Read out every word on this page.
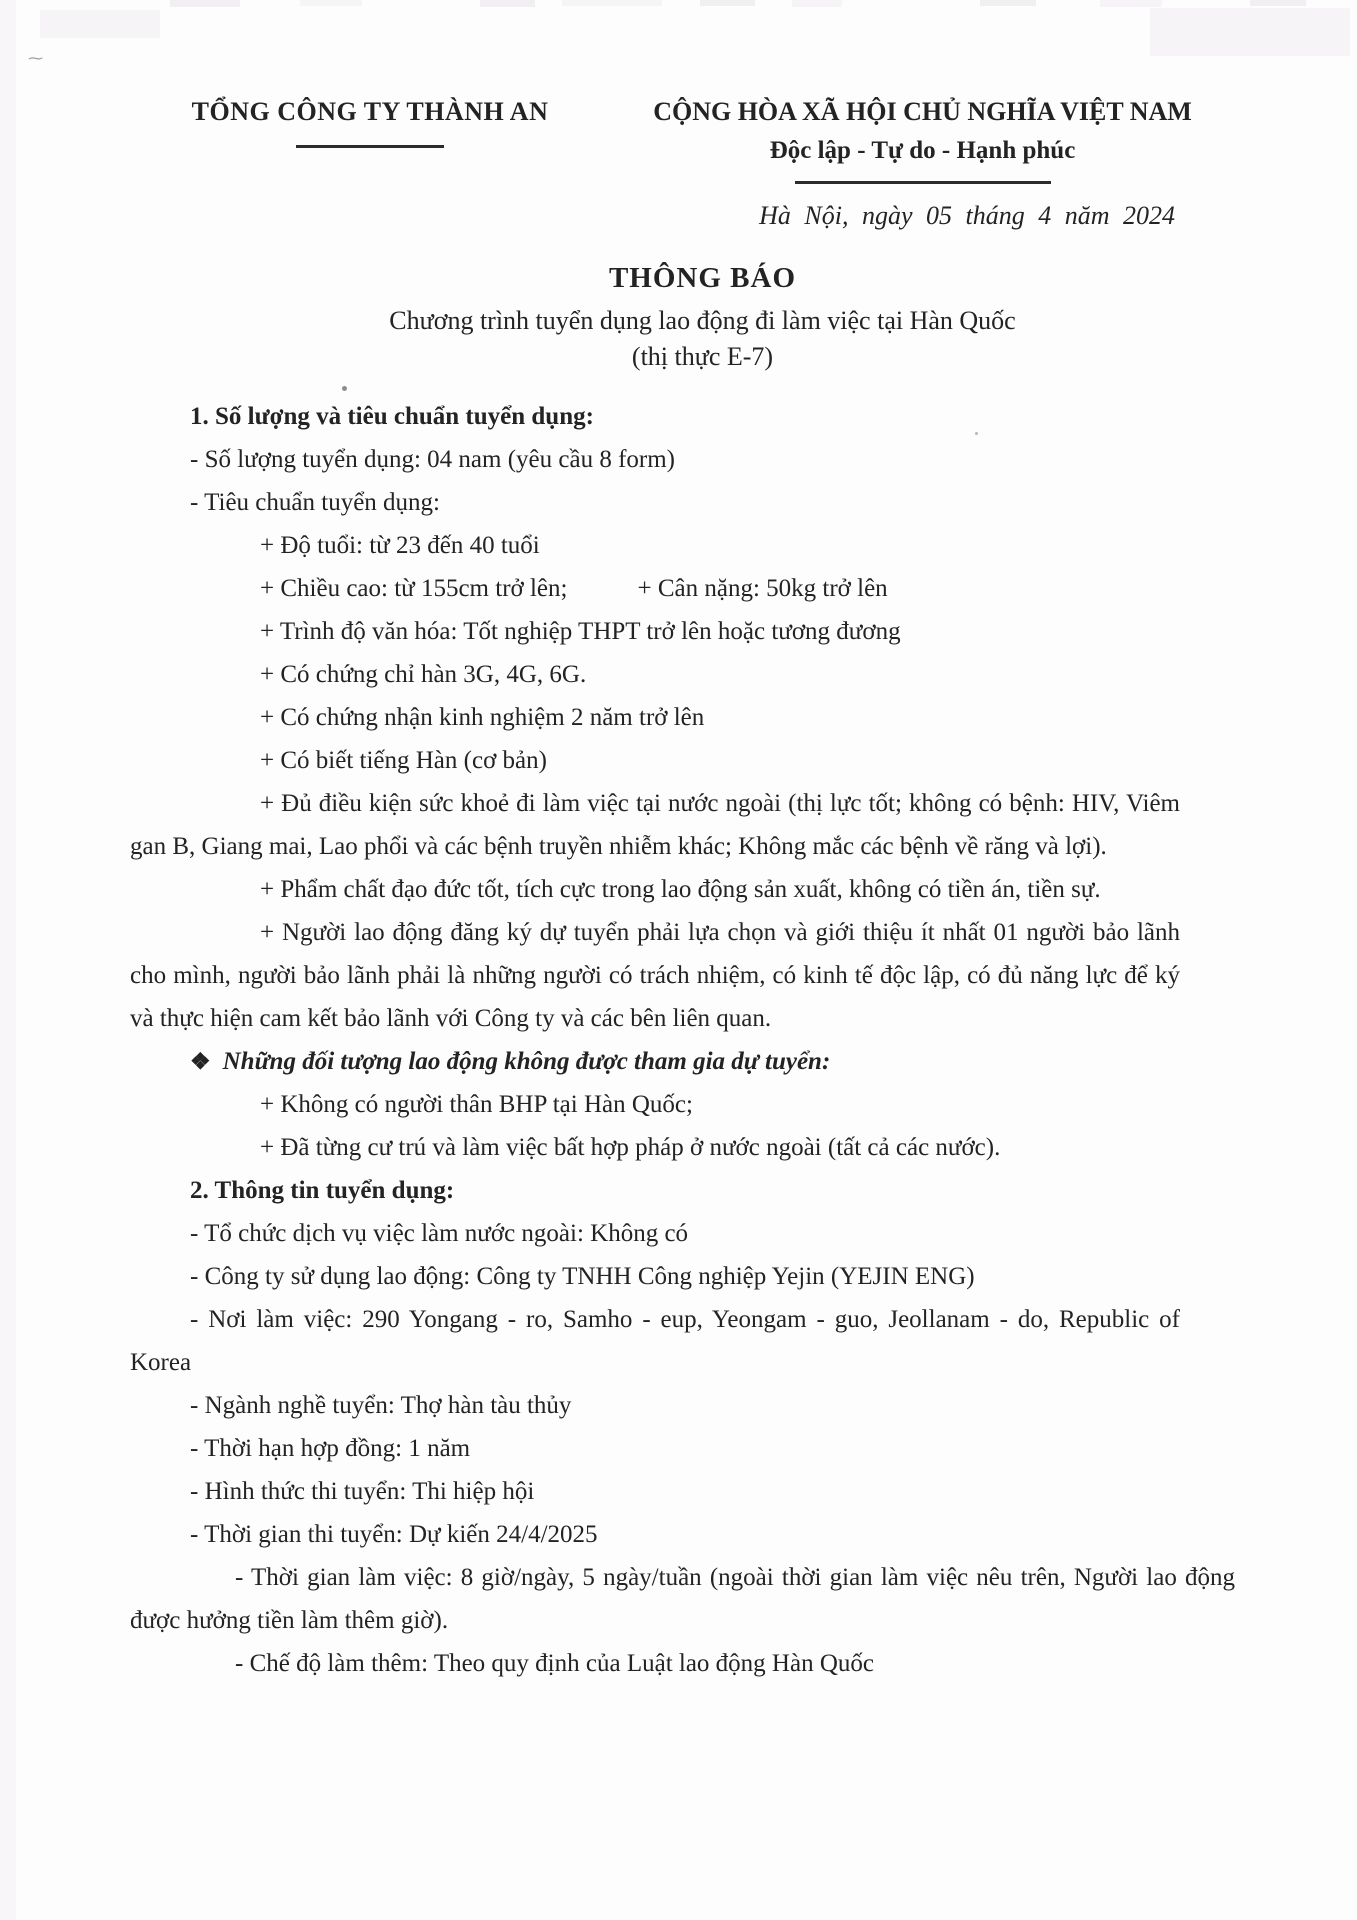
⁓
TỔNG CÔNG TY THÀNH AN	CỘNG HÒA XÃ HỘI CHỦ NGHĨA VIỆT NAM
Độc lập - Tự do - Hạnh phúc
Hà Nội, ngày 05 tháng 4 năm 2024
THÔNG BÁO
Chương trình tuyển dụng lao động đi làm việc tại Hàn Quốc
(thị thực E-7)

1. Số lượng và tiêu chuẩn tuyển dụng:

- Số lượng tuyển dụng: 04 nam (yêu cầu 8 form)

- Tiêu chuẩn tuyển dụng:

+ Độ tuổi: từ 23 đến 40 tuổi

+ Chiều cao: từ 155cm trở lên;	+ Cân nặng: 50kg trở lên

+ Trình độ văn hóa: Tốt nghiệp THPT trở lên hoặc tương đương

+ Có chứng chỉ hàn 3G, 4G, 6G.

+ Có chứng nhận kinh nghiệm 2 năm trở lên

+ Có biết tiếng Hàn (cơ bản)

+ Đủ điều kiện sức khoẻ đi làm việc tại nước ngoài (thị lực tốt; không có bệnh: HIV, Viêm gan B, Giang mai, Lao phổi và các bệnh truyền nhiễm khác; Không mắc các bệnh về răng và lợi).

+ Phẩm chất đạo đức tốt, tích cực trong lao động sản xuất, không có tiền án, tiền sự.

+ Người lao động đăng ký dự tuyển phải lựa chọn và giới thiệu ít nhất 01 người bảo lãnh cho mình, người bảo lãnh phải là những người có trách nhiệm, có kinh tế độc lập, có đủ năng lực để ký và thực hiện cam kết bảo lãnh với Công ty và các bên liên quan.

❖ Những đối tượng lao động không được tham gia dự tuyển:

+ Không có người thân BHP tại Hàn Quốc;

+ Đã từng cư trú và làm việc bất hợp pháp ở nước ngoài (tất cả các nước).

2. Thông tin tuyển dụng:

- Tổ chức dịch vụ việc làm nước ngoài: Không có

- Công ty sử dụng lao động: Công ty TNHH Công nghiệp Yejin (YEJIN ENG)

- Nơi làm việc: 290 Yongang - ro, Samho - eup, Yeongam - guo, Jeollanam - do, Republic of Korea

- Ngành nghề tuyển: Thợ hàn tàu thủy

- Thời hạn hợp đồng: 1 năm

- Hình thức thi tuyển: Thi hiệp hội

- Thời gian thi tuyển: Dự kiến 24/4/2025

- Thời gian làm việc: 8 giờ/ngày, 5 ngày/tuần (ngoài thời gian làm việc nêu trên, Người lao động được hưởng tiền làm thêm giờ).

- Chế độ làm thêm: Theo quy định của Luật lao động Hàn Quốc
